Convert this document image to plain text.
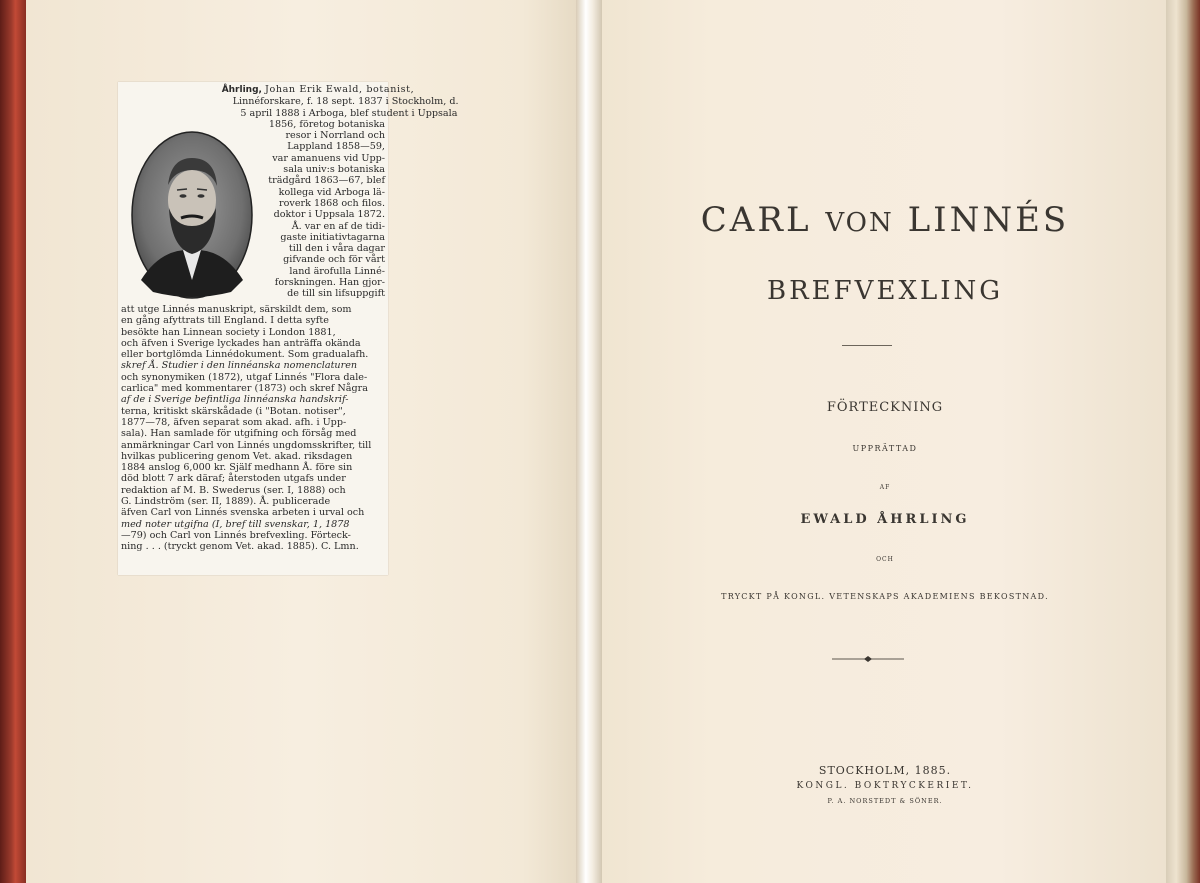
Åhrling, Johan Erik Ewald, botanist,
Linnéforskare, f. 18 sept. 1837 i Stockholm, d.
5 april 1888 i Arboga, blef student i Uppsala
1856, företog botaniska
resor i Norrland och
Lappland 1858—59,
var amanuens vid Upp-
sala univ:s botaniska
trädgård 1863—67, blef
kollega vid Arboga lä-
roverk 1868 och filos.
doktor i Uppsala 1872.
Å. var en af de tidi-
gaste initiativtagarna
till den i våra dagar
gifvande och för vårt
land ärofulla Linné-
forskningen. Han gjor-
de till sin lifsuppgift
att utge Linnés manuskript, särskildt dem, som
en gång afyttrats till England. I detta syfte
besökte han Linnean society i London 1881,
och äfven i Sverige lyckades han anträffa okända
eller bortglömda Linnédokument. Som gradualafh.
skref Å. Studier i den linnéanska nomenclaturen
och synonymiken (1872), utgaf Linnés "Flora dale-
carlica" med kommentarer (1873) och skref Några
af de i Sverige befintliga linnéanska handskrif-
terna, kritiskt skärskådade (i "Botan. notiser",
1877—78, äfven separat som akad. afh. i Upp-
sala). Han samlade för utgifning och försåg med
anmärkningar Carl von Linnés ungdomsskrifter, till
hvilkas publicering genom Vet. akad. riksdagen
1884 anslog 6,000 kr. Själf medhann Å. före sin
död blott 7 ark däraf; återstoden utgafs under
redaktion af M. B. Swederus (ser. I, 1888) och
G. Lindström (ser. II, 1889). Å. publicerade
äfven Carl von Linnés svenska arbeten i urval och
med noter utgifna (I, bref till svenskar, 1, 1878
—79) och Carl von Linnés brefvexling. Förteck-
ning . . . (tryckt genom Vet. akad. 1885). C. Lmn.
CARL VON LINNÉS
BREFVEXLING
FÖRTECKNING
UPPRÄTTAD
AF
EWALD ÅHRLING
OCH
TRYCKT PÅ KONGL. VETENSKAPS AKADEMIENS BEKOSTNAD.
STOCKHOLM, 1885.
KONGL. BOKTRYCKERIET.
P. A. NORSTEDT & SÖNER.
